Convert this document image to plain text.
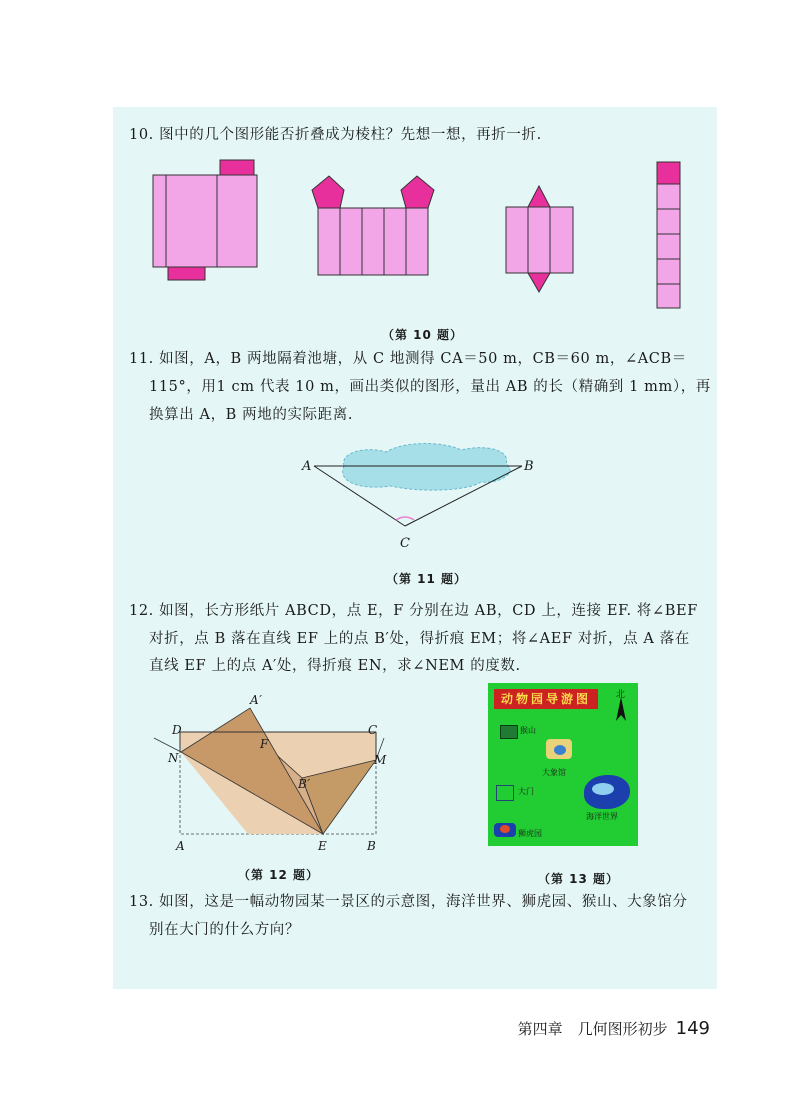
10. 图中的几个图形能否折叠成为棱柱？先想一想，再折一折.
（第 10 题）
11. 如图，A，B 两地隔着池塘，从 C 地测得 CA＝50 m，CB＝60 m，∠ACB＝
115°，用1 cm 代表 10 m，画出类似的图形，量出 AB 的长（精确到 1 mm），再
换算出 A，B 两地的实际距离.
A	B
C
（第 11 题）
12. 如图，长方形纸片 ABCD，点 E，F 分别在边 AB，CD 上，连接 EF. 将∠BEF
对折，点 B 落在直线 EF 上的点 B′处，得折痕 EM；将∠AEF 对折，点 A 落在
直线 EF 上的点 A′处，得折痕 EN，求∠NEM 的度数.
A′
D	C
F
N	M
B′
A	E	B
（第 12 题）
动物园导游图	北
猴山
大象馆
大门
海洋世界
狮虎园
（第 13 题）
13. 如图，这是一幅动物园某一景区的示意图，海洋世界、狮虎园、猴山、大象馆分
别在大门的什么方向？
第四章　几何图形初步 149
